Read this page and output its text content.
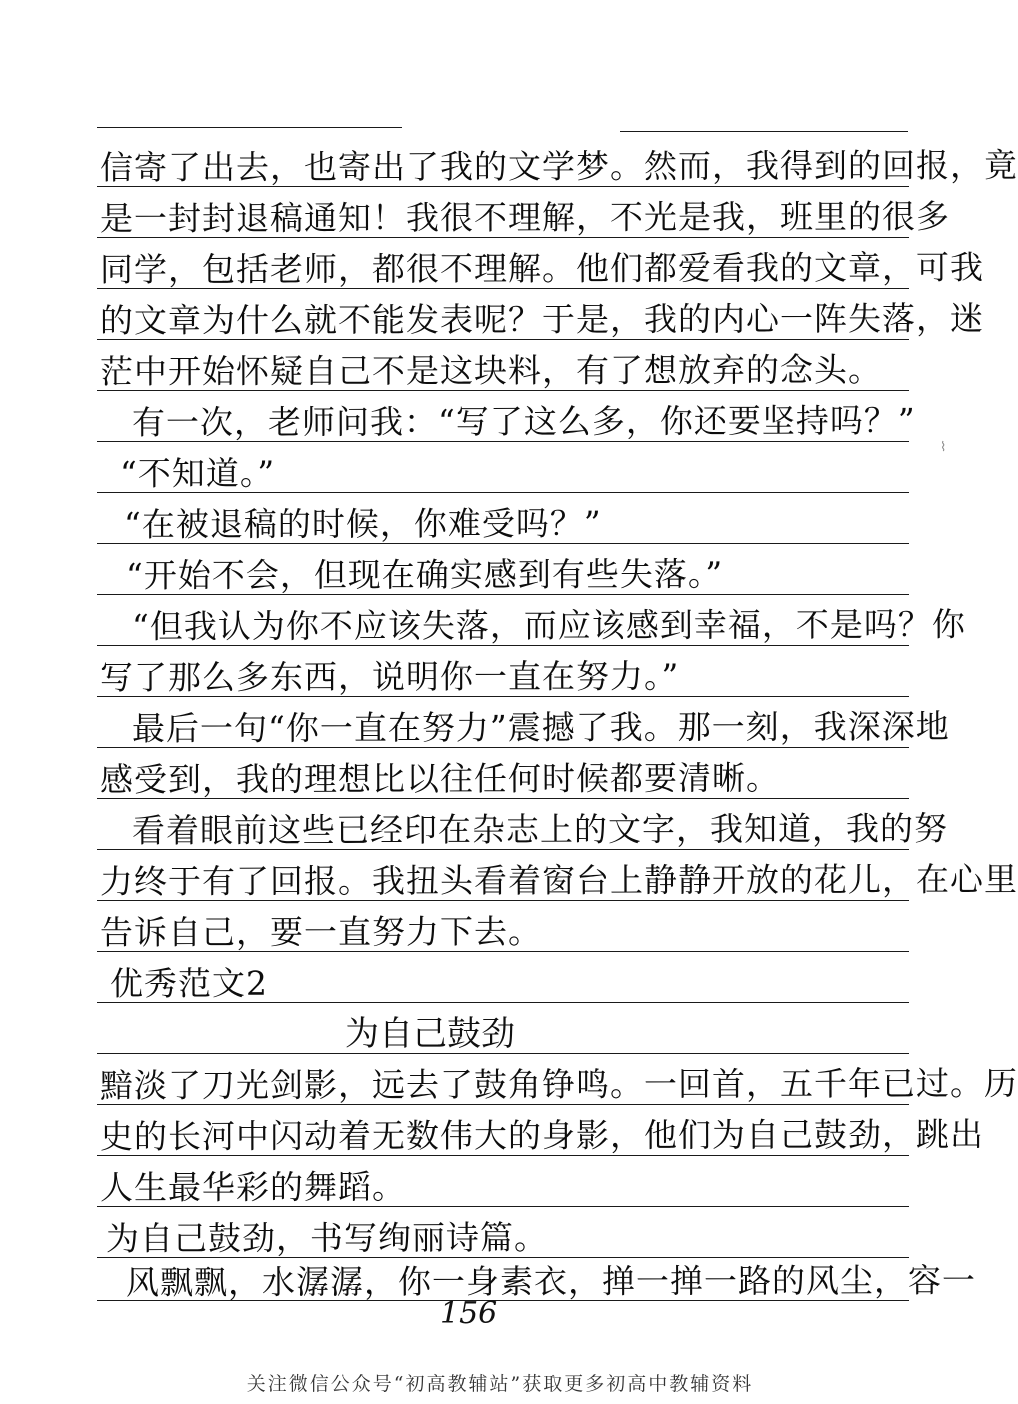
⌇
信寄了出去，也寄出了我的文学梦。然而，我得到的回报，竟
是一封封退稿通知！我很不理解，不光是我，班里的很多
同学，包括老师，都很不理解。他们都爱看我的文章，可我
的文章为什么就不能发表呢？于是，我的内心一阵失落，迷
茫中开始怀疑自己不是这块料，有了想放弃的念头。
有一次，老师问我：“写了这么多，你还要坚持吗？”
“不知道。”
“在被退稿的时候，你难受吗？”
“开始不会，但现在确实感到有些失落。”
“但我认为你不应该失落，而应该感到幸福，不是吗？你
写了那么多东西，说明你一直在努力。”
最后一句“你一直在努力”震撼了我。那一刻，我深深地
感受到，我的理想比以往任何时候都要清晰。
看着眼前这些已经印在杂志上的文字，我知道，我的努
力终于有了回报。我扭头看着窗台上静静开放的花儿，在心里
告诉自己，要一直努力下去。
优秀范文2
为自己鼓劲
黯淡了刀光剑影，远去了鼓角铮鸣。一回首，五千年已过。历
史的长河中闪动着无数伟大的身影，他们为自己鼓劲，跳出
人生最华彩的舞蹈。
为自己鼓劲，书写绚丽诗篇。
风飘飘，水潺潺，你一身素衣，掸一掸一路的风尘，容一
156
关注微信公众号“初高教辅站”获取更多初高中教辅资料
